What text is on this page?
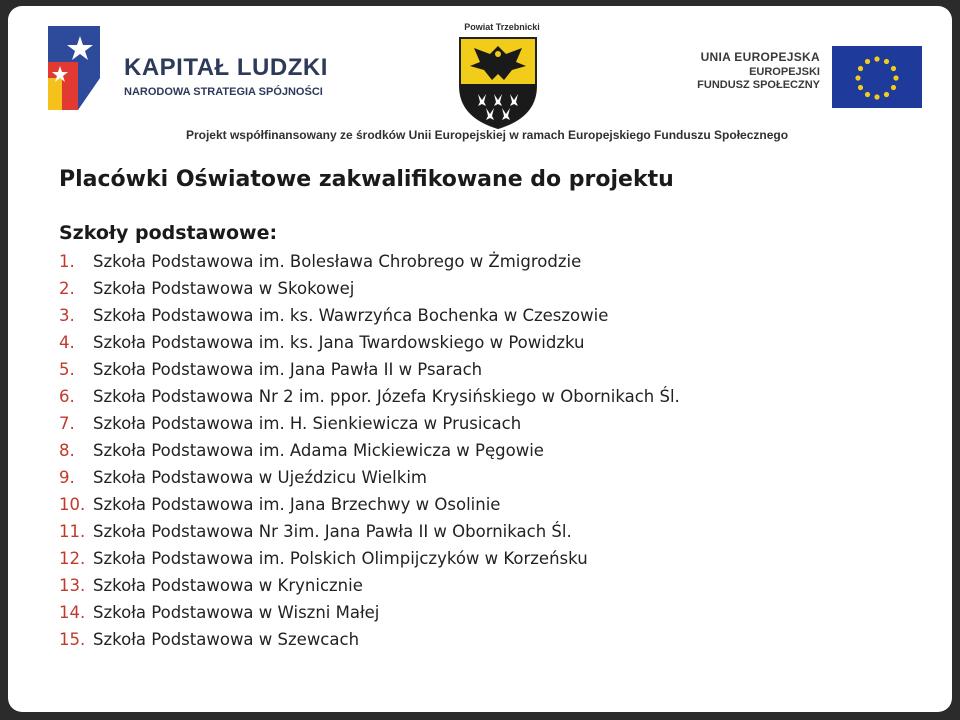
KAPITAŁ LUDZKI
NARODOWA STRATEGIA SPÓJNOŚCI
Powiat Trzebnicki
UNIA EUROPEJSKA
EUROPEJSKI
FUNDUSZ SPOŁECZNY
Projekt współfinansowany ze środków Unii Europejskiej w ramach Europejskiego Funduszu Społecznego
Placówki Oświatowe zakwalifikowane do projektu
Szkoły podstawowe:
1. Szkoła Podstawowa im. Bolesława Chrobrego w Żmigrodzie
2. Szkoła Podstawowa w Skokowej
3. Szkoła Podstawowa im. ks. Wawrzyńca Bochenka w Czeszowie
4. Szkoła Podstawowa im. ks. Jana Twardowskiego w Powidzku
5. Szkoła Podstawowa im. Jana Pawła II w Psarach
6. Szkoła Podstawowa Nr 2 im. ppor. Józefa Krysińskiego w Obornikach Śl.
7. Szkoła Podstawowa im. H. Sienkiewicza w Prusicach
8. Szkoła Podstawowa im. Adama Mickiewicza w Pęgowie
9. Szkoła Podstawowa w Ujeździcu Wielkim
10. Szkoła Podstawowa im. Jana Brzechwy w Osolinie
11. Szkoła Podstawowa Nr 3im. Jana Pawła II w Obornikach Śl.
12. Szkoła Podstawowa im. Polskich Olimpijczyków w Korzeńsku
13. Szkoła Podstawowa w Krynicznie
14. Szkoła Podstawowa w Wiszni Małej
15. Szkoła Podstawowa w Szewcach
